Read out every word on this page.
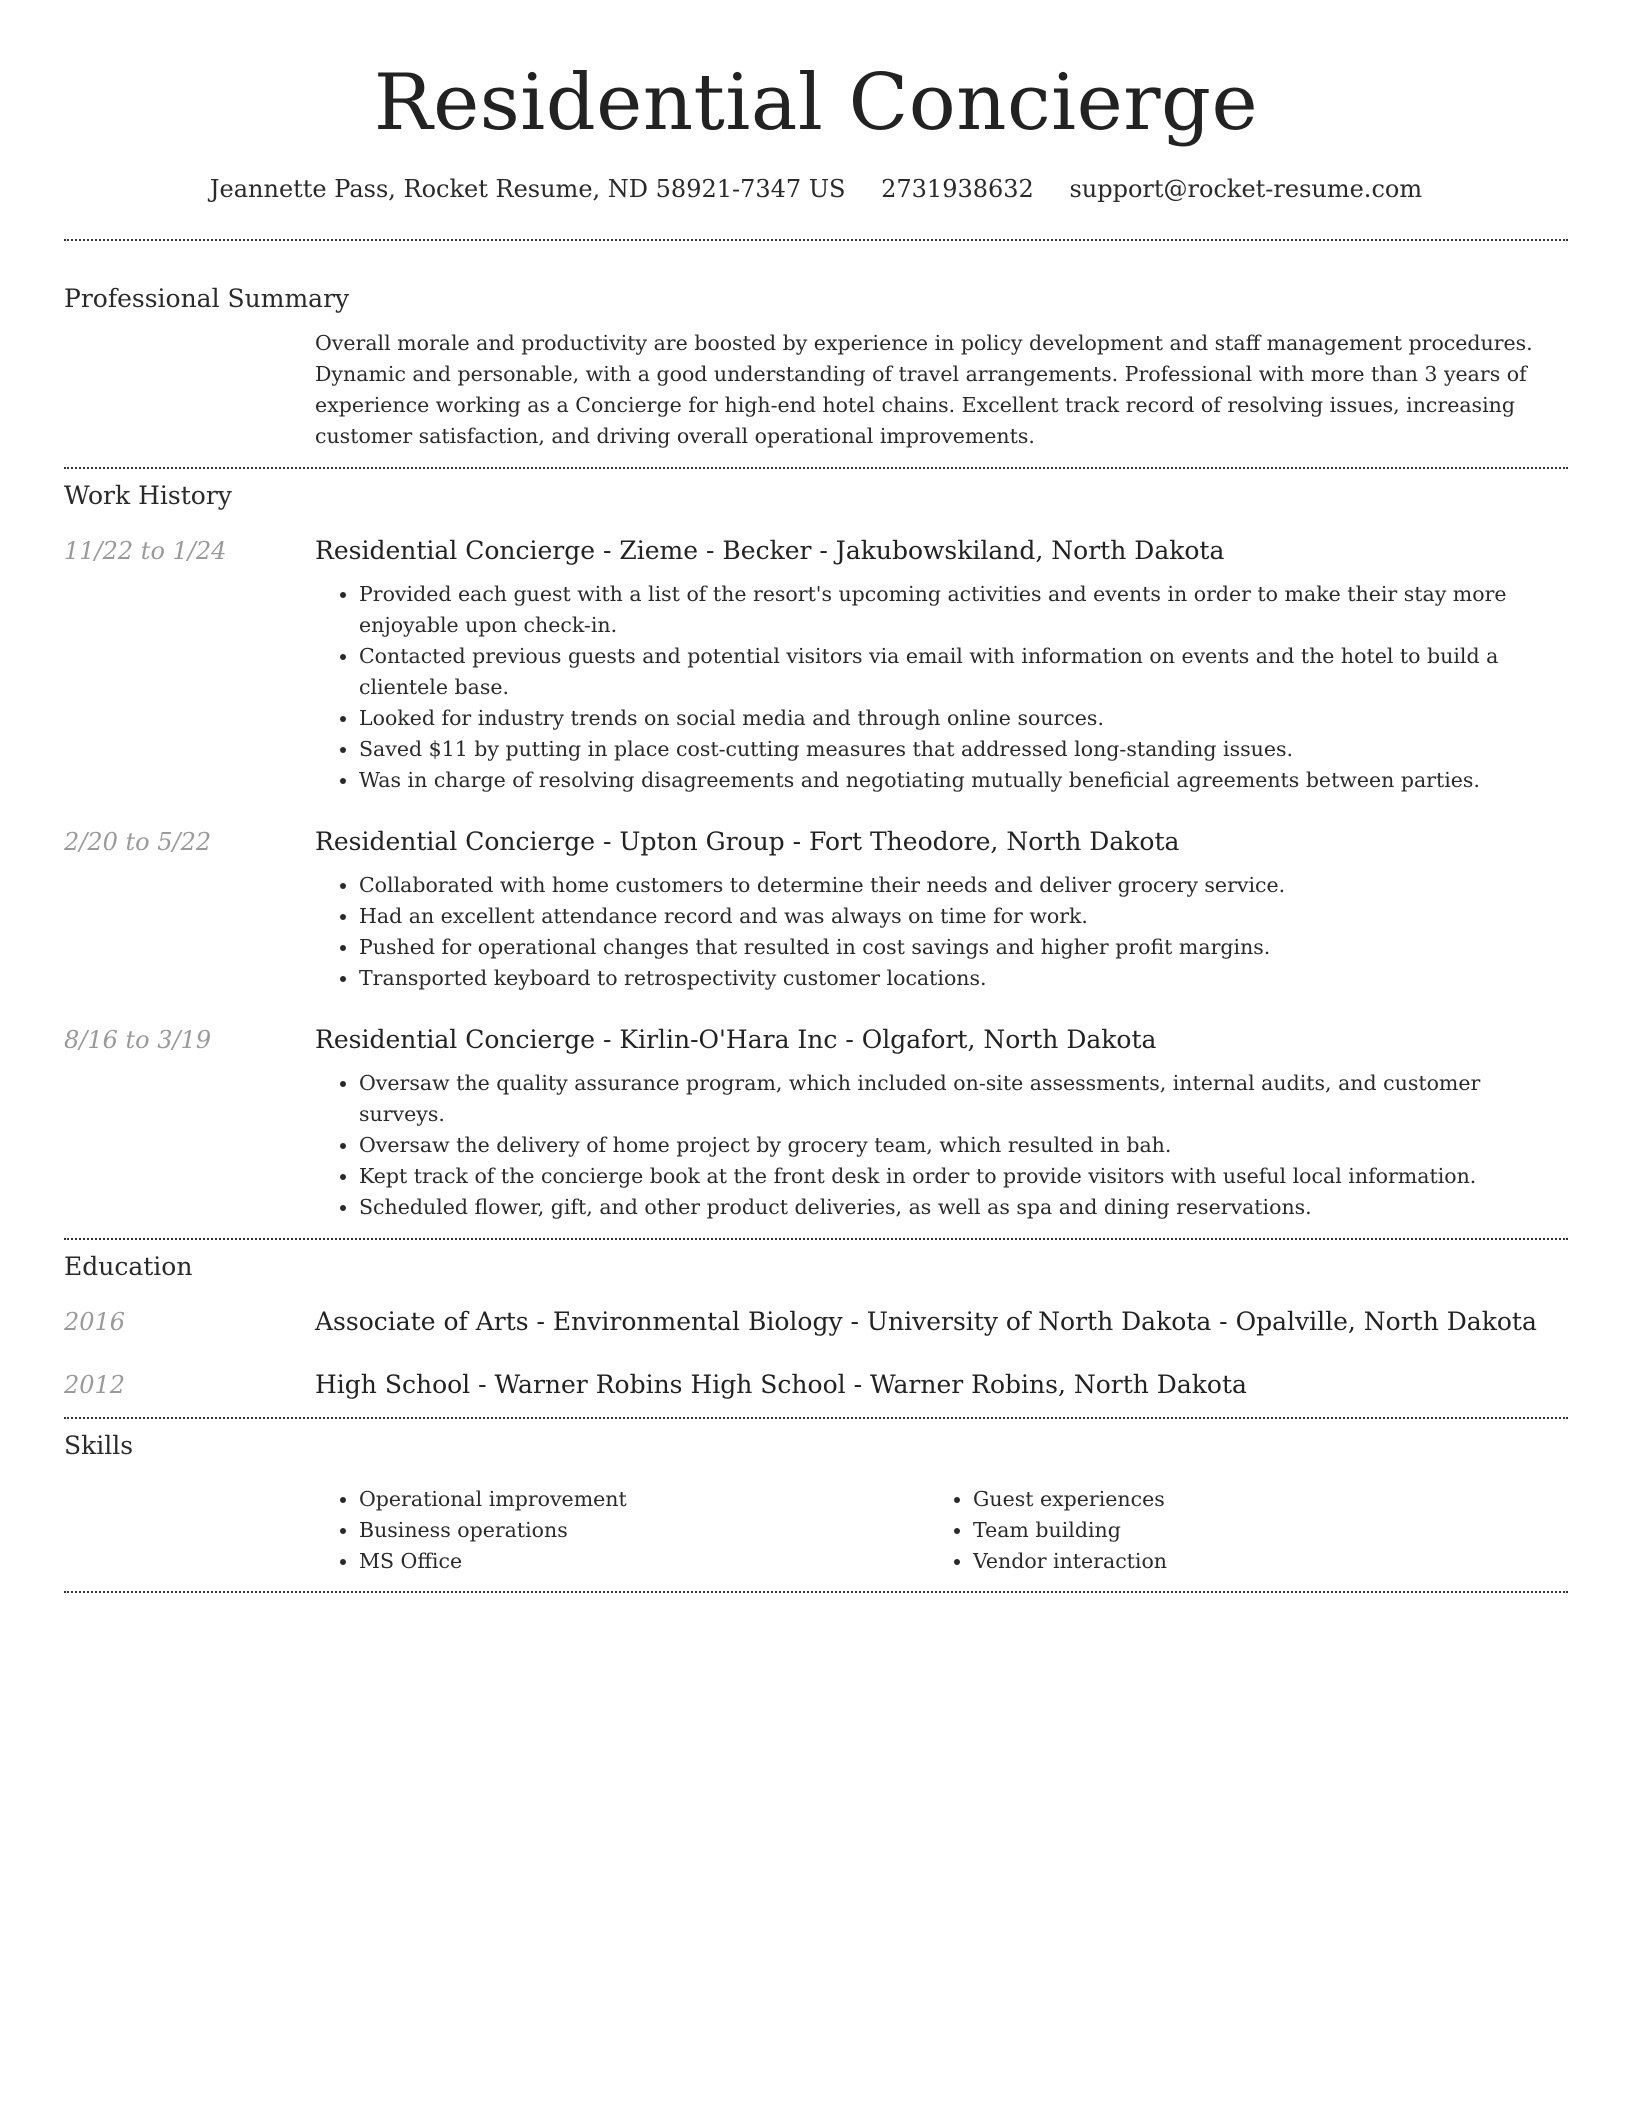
Residential Concierge
Jeannette Pass, Rocket Resume, ND 58921-7347 US 2731938632 support@rocket-resume.com
Professional Summary
Overall morale and productivity are boosted by experience in policy development and staff management procedures. Dynamic and personable, with a good understanding of travel arrangements. Professional with more than 3 years of experience working as a Concierge for high-end hotel chains. Excellent track record of resolving issues, increasing customer satisfaction, and driving overall operational improvements.
Work History
11/22 to 1/24	Residential Concierge - Zieme - Becker - Jakubowskiland, North Dakota
• Provided each guest with a list of the resort's upcoming activities and events in order to make their stay more enjoyable upon check-in.
• Contacted previous guests and potential visitors via email with information on events and the hotel to build a clientele base.
• Looked for industry trends on social media and through online sources.
• Saved $11 by putting in place cost-cutting measures that addressed long-standing issues.
• Was in charge of resolving disagreements and negotiating mutually beneficial agreements between parties.
2/20 to 5/22	Residential Concierge - Upton Group - Fort Theodore, North Dakota
• Collaborated with home customers to determine their needs and deliver grocery service.
• Had an excellent attendance record and was always on time for work.
• Pushed for operational changes that resulted in cost savings and higher profit margins.
• Transported keyboard to retrospectivity customer locations.
8/16 to 3/19	Residential Concierge - Kirlin-O'Hara Inc - Olgafort, North Dakota
• Oversaw the quality assurance program, which included on-site assessments, internal audits, and customer surveys.
• Oversaw the delivery of home project by grocery team, which resulted in bah.
• Kept track of the concierge book at the front desk in order to provide visitors with useful local information.
• Scheduled flower, gift, and other product deliveries, as well as spa and dining reservations.
Education
2016	Associate of Arts - Environmental Biology - University of North Dakota - Opalville, North Dakota
2012	High School - Warner Robins High School - Warner Robins, North Dakota
Skills
• Operational improvement
• Business operations
• MS Office
• Guest experiences
• Team building
• Vendor interaction
